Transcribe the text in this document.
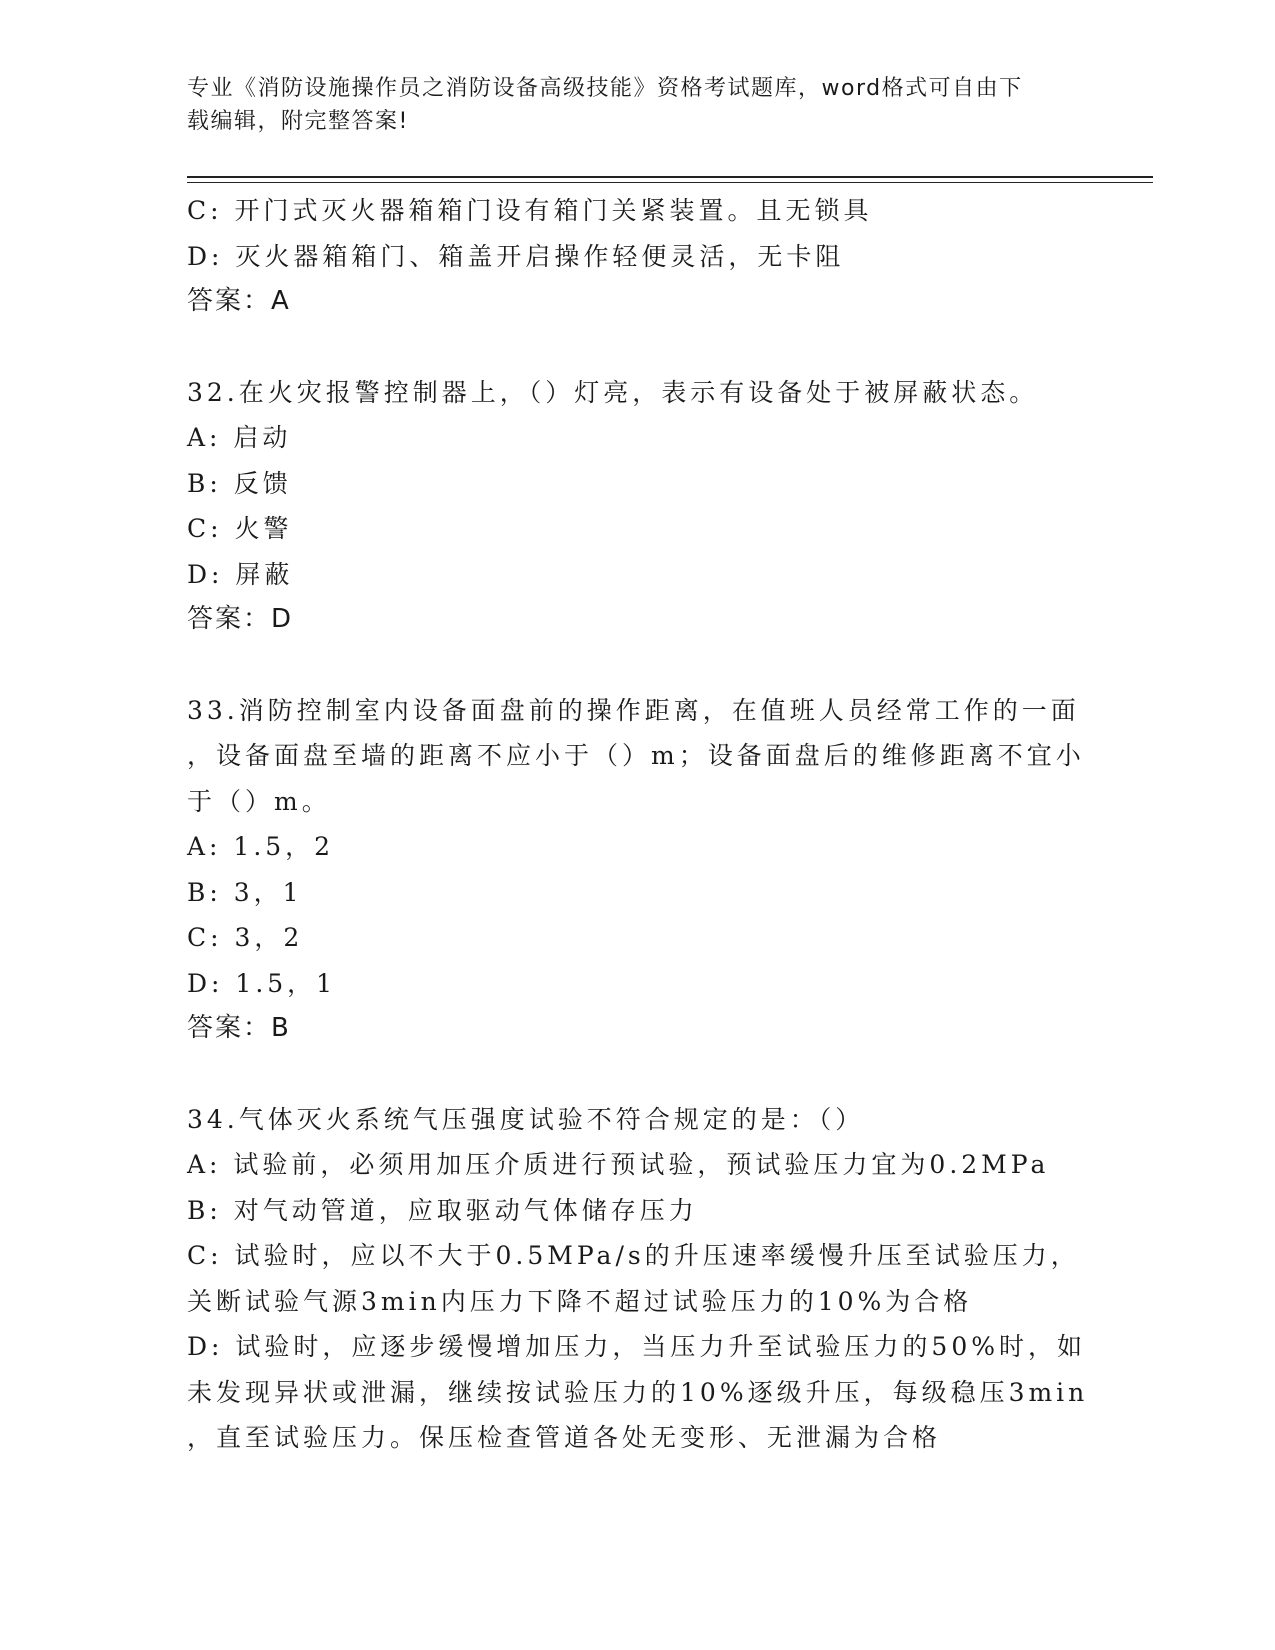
专业《消防设施操作员之消防设备高级技能》资格考试题库，word格式可自由下
载编辑，附完整答案!
C: 开门式灭火器箱箱门设有箱门关紧装置。且无锁具
D: 灭火器箱箱门、箱盖开启操作轻便灵活，无卡阻
答案：A
32.在火灾报警控制器上，（）灯亮，表示有设备处于被屏蔽状态。
A: 启动
B: 反馈
C: 火警
D: 屏蔽
答案：D
33.消防控制室内设备面盘前的操作距离，在值班人员经常工作的一面
，设备面盘至墙的距离不应小于（）m；设备面盘后的维修距离不宜小
于（）m。
A: 1.5，2
B: 3，1
C: 3，2
D: 1.5，1
答案：B
34.气体灭火系统气压强度试验不符合规定的是：（）
A: 试验前，必须用加压介质进行预试验，预试验压力宜为0.2MPa
B: 对气动管道，应取驱动气体储存压力
C: 试验时，应以不大于0.5MPa/s的升压速率缓慢升压至试验压力，
关断试验气源3min内压力下降不超过试验压力的10%为合格
D: 试验时，应逐步缓慢增加压力，当压力升至试验压力的50%时，如
未发现异状或泄漏，继续按试验压力的10%逐级升压，每级稳压3min
，直至试验压力。保压检查管道各处无变形、无泄漏为合格
